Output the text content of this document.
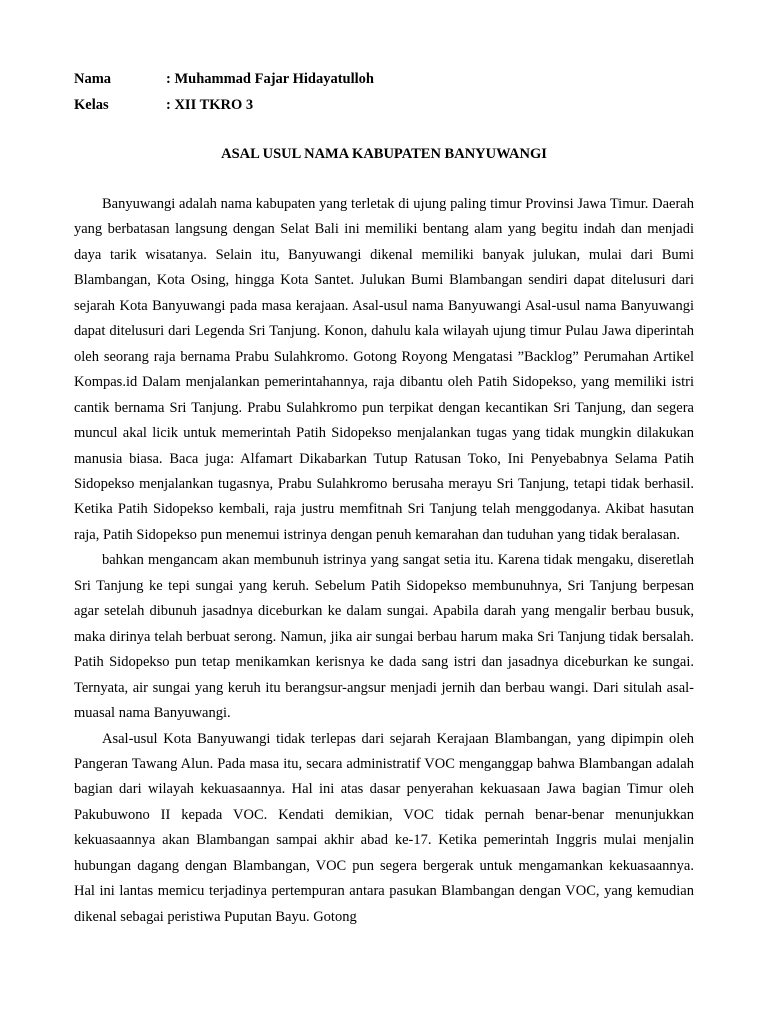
Nama	: Muhammad Fajar Hidayatulloh
Kelas	: XII TKRO 3
ASAL USUL NAMA KABUPATEN BANYUWANGI

Banyuwangi adalah nama kabupaten yang terletak di ujung paling timur Provinsi Jawa Timur. Daerah yang berbatasan langsung dengan Selat Bali ini memiliki bentang alam yang begitu indah dan menjadi daya tarik wisatanya. Selain itu, Banyuwangi dikenal memiliki banyak julukan, mulai dari Bumi Blambangan, Kota Osing, hingga Kota Santet. Julukan Bumi Blambangan sendiri dapat ditelusuri dari sejarah Kota Banyuwangi pada masa kerajaan. Asal-usul nama Banyuwangi Asal-usul nama Banyuwangi dapat ditelusuri dari Legenda Sri Tanjung. Konon, dahulu kala wilayah ujung timur Pulau Jawa diperintah oleh seorang raja bernama Prabu Sulahkromo. Gotong Royong Mengatasi ”Backlog” Perumahan Artikel Kompas.id Dalam menjalankan pemerintahannya, raja dibantu oleh Patih Sidopekso, yang memiliki istri cantik bernama Sri Tanjung. Prabu Sulahkromo pun terpikat dengan kecantikan Sri Tanjung, dan segera muncul akal licik untuk memerintah Patih Sidopekso menjalankan tugas yang tidak mungkin dilakukan manusia biasa. Baca juga: Alfamart Dikabarkan Tutup Ratusan Toko, Ini Penyebabnya Selama Patih Sidopekso menjalankan tugasnya, Prabu Sulahkromo berusaha merayu Sri Tanjung, tetapi tidak berhasil. Ketika Patih Sidopekso kembali, raja justru memfitnah Sri Tanjung telah menggodanya. Akibat hasutan raja, Patih Sidopekso pun menemui istrinya dengan penuh kemarahan dan tuduhan yang tidak beralasan.

bahkan mengancam akan membunuh istrinya yang sangat setia itu. Karena tidak mengaku, diseretlah Sri Tanjung ke tepi sungai yang keruh. Sebelum Patih Sidopekso membunuhnya, Sri Tanjung berpesan agar setelah dibunuh jasadnya diceburkan ke dalam sungai. Apabila darah yang mengalir berbau busuk, maka dirinya telah berbuat serong. Namun, jika air sungai berbau harum maka Sri Tanjung tidak bersalah. Patih Sidopekso pun tetap menikamkan kerisnya ke dada sang istri dan jasadnya diceburkan ke sungai. Ternyata, air sungai yang keruh itu berangsur-angsur menjadi jernih dan berbau wangi. Dari situlah asal-muasal nama Banyuwangi.

Asal-usul Kota Banyuwangi tidak terlepas dari sejarah Kerajaan Blambangan, yang dipimpin oleh Pangeran Tawang Alun. Pada masa itu, secara administratif VOC menganggap bahwa Blambangan adalah bagian dari wilayah kekuasaannya. Hal ini atas dasar penyerahan kekuasaan Jawa bagian Timur oleh Pakubuwono II kepada VOC. Kendati demikian, VOC tidak pernah benar-benar menunjukkan kekuasaannya akan Blambangan sampai akhir abad ke-17. Ketika pemerintah Inggris mulai menjalin hubungan dagang dengan Blambangan, VOC pun segera bergerak untuk mengamankan kekuasaannya. Hal ini lantas memicu terjadinya pertempuran antara pasukan Blambangan dengan VOC, yang kemudian dikenal sebagai peristiwa Puputan Bayu. Gotong
